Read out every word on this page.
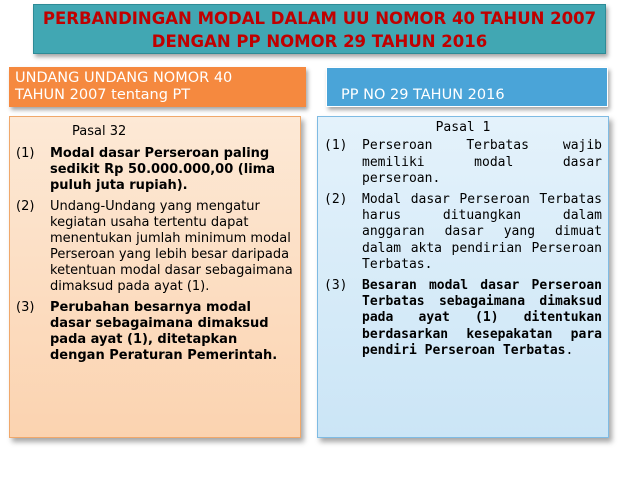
PERBANDINGAN MODAL DALAM UU NOMOR 40 TAHUN 2007
DENGAN PP NOMOR 29 TAHUN 2016
UNDANG UNDANG NOMOR 40
TAHUN 2007 tentang PT	PP NO 29 TAHUN 2016
Pasal 32
(1)	Modal dasar Perseroan paling sedikit Rp 50.000.000,00 (lima puluh juta rupiah).
(2)	Undang-Undang yang mengatur kegiatan usaha tertentu dapat menentukan jumlah minimum modal Perseroan yang lebih besar daripada ketentuan modal dasar sebagaimana dimaksud pada ayat (1).
(3)	Perubahan besarnya modal dasar sebagaimana dimaksud pada ayat (1), ditetapkan dengan Peraturan Pemerintah.
Pasal 1
(1)	Perseroan Terbatas wajib memiliki modal dasar perseroan.
(2)	Modal dasar Perseroan Terbatas harus dituangkan dalam anggaran dasar yang dimuat dalam akta pendirian Perseroan Terbatas.
(3)	Besaran modal dasar Perseroan Terbatas sebagaimana dimaksud pada ayat (1) ditentukan berdasarkan kesepakatan para pendiri Perseroan Terbatas.
